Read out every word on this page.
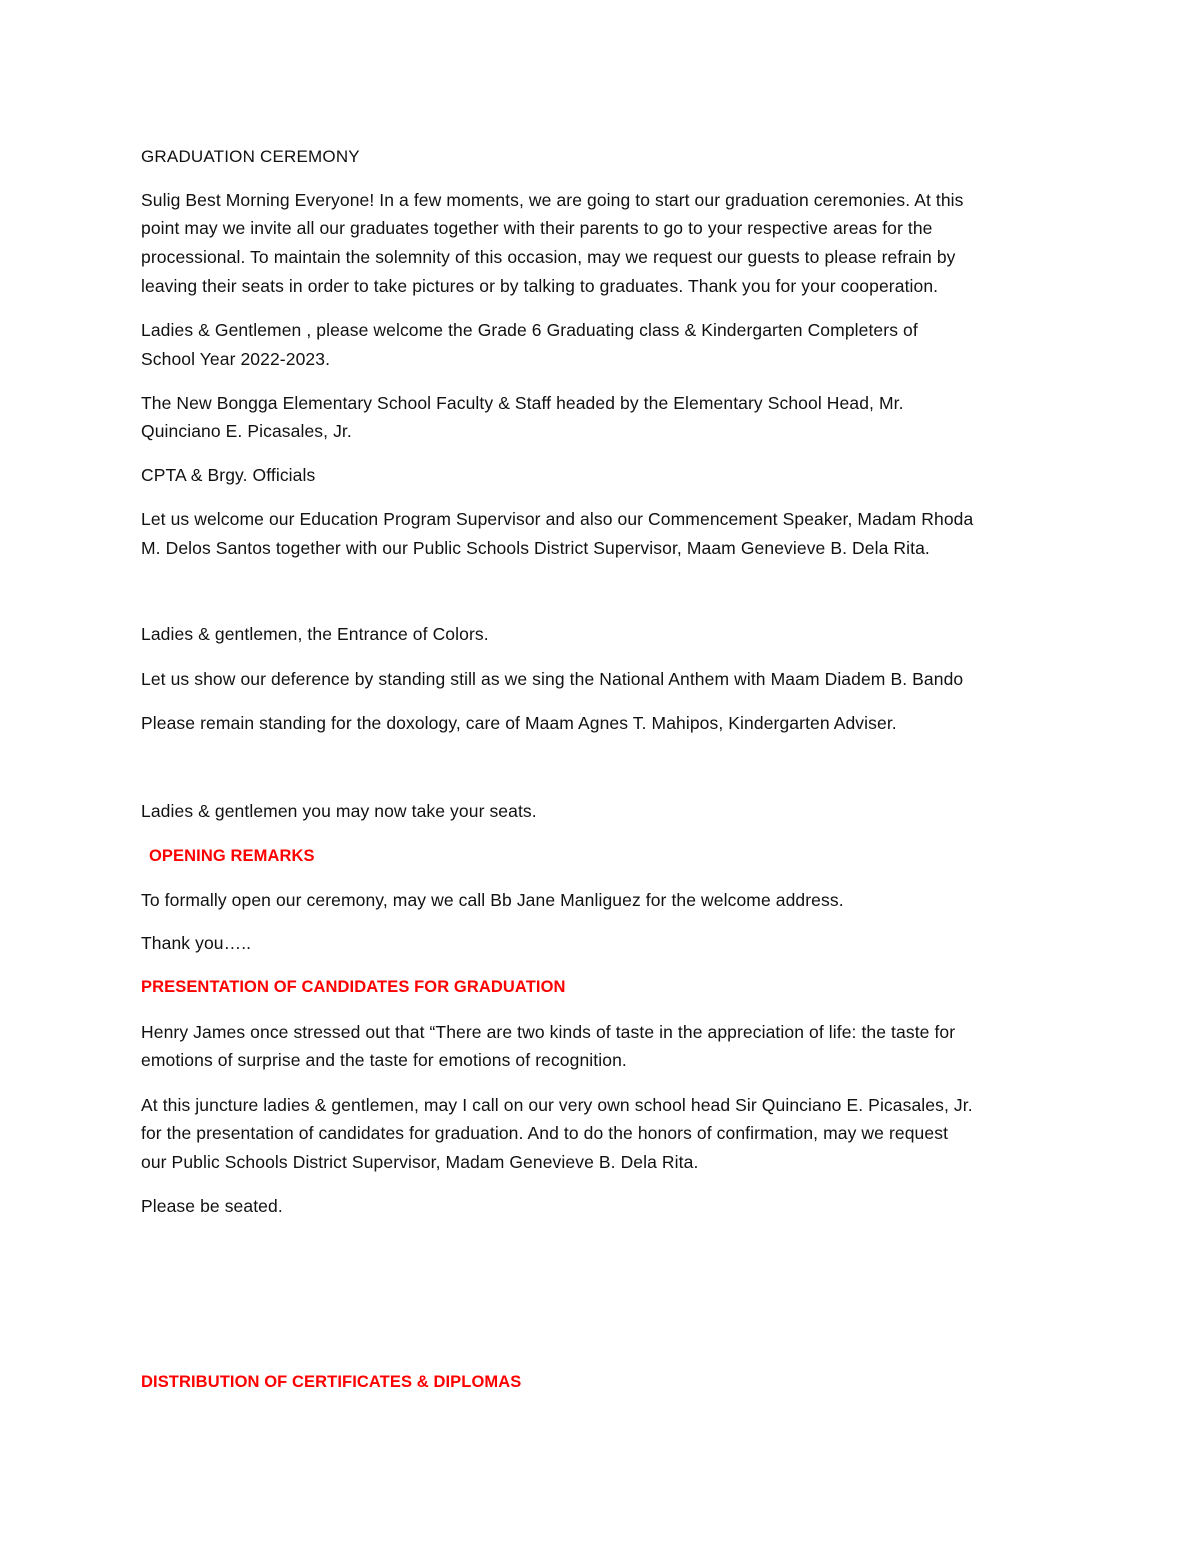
GRADUATION CEREMONY
Sulig Best Morning Everyone! In a few moments, we are going to start our graduation ceremonies. At this
point may we invite all our graduates together with their parents to go to your respective areas for the
processional. To maintain the solemnity of this occasion, may we request our guests to please refrain by
leaving their seats in order to take pictures or by talking to graduates. Thank you for your cooperation.
Ladies & Gentlemen , please welcome the Grade 6 Graduating class & Kindergarten Completers of
School Year 2022-2023.
The New Bongga Elementary School Faculty & Staff headed by the Elementary School Head, Mr.
Quinciano E. Picasales, Jr.
CPTA & Brgy. Officials
Let us welcome our Education Program Supervisor and also our Commencement Speaker, Madam Rhoda
M. Delos Santos together with our Public Schools District Supervisor, Maam Genevieve B. Dela Rita.
Ladies & gentlemen, the Entrance of Colors.
Let us show our deference by standing still as we sing the National Anthem with Maam Diadem B. Bando
Please remain standing for the doxology, care of Maam Agnes T. Mahipos, Kindergarten Adviser.
Ladies & gentlemen you may now take your seats.
OPENING REMARKS
To formally open our ceremony, may we call Bb Jane Manliguez for the welcome address.
Thank you…..
PRESENTATION OF CANDIDATES FOR GRADUATION
Henry James once stressed out that “There are two kinds of taste in the appreciation of life: the taste for
emotions of surprise and the taste for emotions of recognition.
At this juncture ladies & gentlemen, may I call on our very own school head Sir Quinciano E. Picasales, Jr.
for the presentation of candidates for graduation. And to do the honors of confirmation, may we request
our Public Schools District Supervisor, Madam Genevieve B. Dela Rita.
Please be seated.
DISTRIBUTION OF CERTIFICATES & DIPLOMAS
